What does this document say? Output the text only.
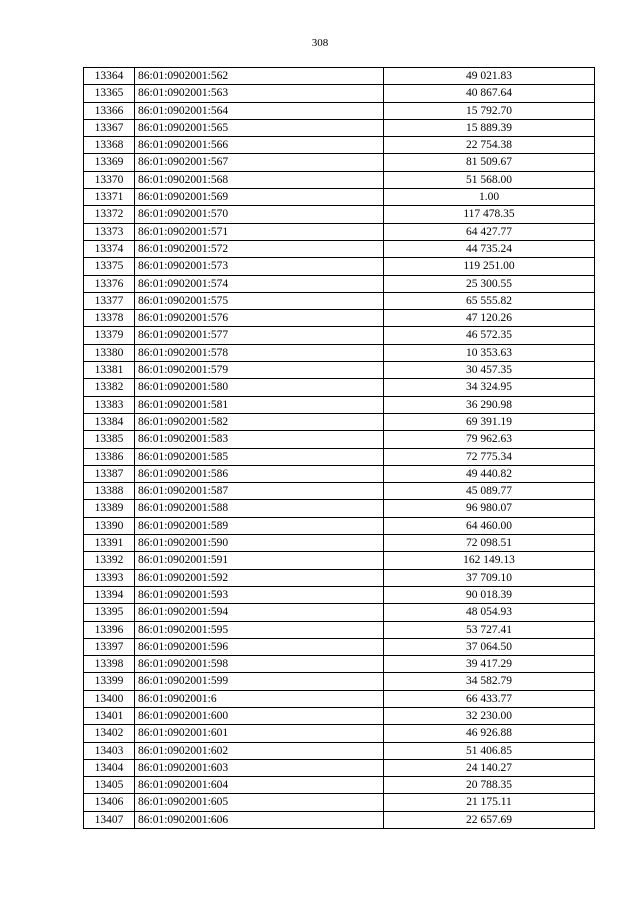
308
13364	86:01:0902001:562	49 021.83
13365	86:01:0902001:563	40 867.64
13366	86:01:0902001:564	15 792.70
13367	86:01:0902001:565	15 889.39
13368	86:01:0902001:566	22 754.38
13369	86:01:0902001:567	81 509.67
13370	86:01:0902001:568	51 568.00
13371	86:01:0902001:569	1.00
13372	86:01:0902001:570	117 478.35
13373	86:01:0902001:571	64 427.77
13374	86:01:0902001:572	44 735.24
13375	86:01:0902001:573	119 251.00
13376	86:01:0902001:574	25 300.55
13377	86:01:0902001:575	65 555.82
13378	86:01:0902001:576	47 120.26
13379	86:01:0902001:577	46 572.35
13380	86:01:0902001:578	10 353.63
13381	86:01:0902001:579	30 457.35
13382	86:01:0902001:580	34 324.95
13383	86:01:0902001:581	36 290.98
13384	86:01:0902001:582	69 391.19
13385	86:01:0902001:583	79 962.63
13386	86:01:0902001:585	72 775.34
13387	86:01:0902001:586	49 440.82
13388	86:01:0902001:587	45 089.77
13389	86:01:0902001:588	96 980.07
13390	86:01:0902001:589	64 460.00
13391	86:01:0902001:590	72 098.51
13392	86:01:0902001:591	162 149.13
13393	86:01:0902001:592	37 709.10
13394	86:01:0902001:593	90 018.39
13395	86:01:0902001:594	48 054.93
13396	86:01:0902001:595	53 727.41
13397	86:01:0902001:596	37 064.50
13398	86:01:0902001:598	39 417.29
13399	86:01:0902001:599	34 582.79
13400	86:01:0902001:6	66 433.77
13401	86:01:0902001:600	32 230.00
13402	86:01:0902001:601	46 926.88
13403	86:01:0902001:602	51 406.85
13404	86:01:0902001:603	24 140.27
13405	86:01:0902001:604	20 788.35
13406	86:01:0902001:605	21 175.11
13407	86:01:0902001:606	22 657.69
